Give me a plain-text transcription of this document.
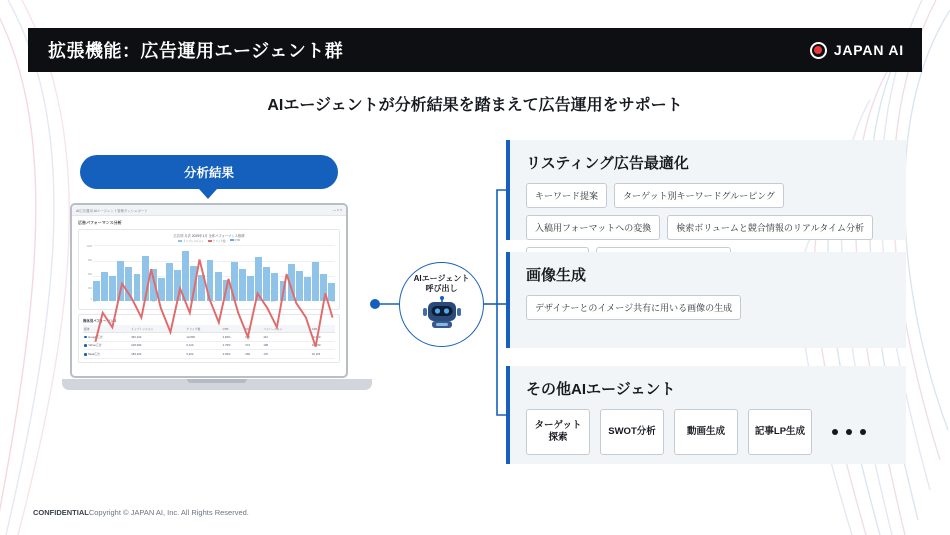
拡張機能：広告運用エージェント群	JAPAN AI
AIエージェントが分析結果を踏まえて広告運用をサポート
分析結果
AI広告運用 AIエージェント管理ダッシュボード	— □ ×
広告パフォーマンス分析
広告別 月次 2025年1月 全体パフォーマンス推移
インプレッション	クリック数	CTR
1200
900
600
300
0
1/1	1/8	1/15	1/22	1/31
媒体別パフォーマンス
媒体	インプレッション	クリック数	CTR	CPC	コンバージョン	CPA
Google広告	452,310	12,845	2.84%	¥86	412	¥2,680
Yahoo広告	218,940	6,120	2.79%	¥74	198	¥2,290
Meta広告	184,220	5,402	2.93%	¥69	176	¥2,115
AIエージェント
呼び出し
リスティング広告最適化
キーワード提案	ターゲット別キーワードグルーピング
入稿用フォーマットへの変換	検索ボリュームと競合情報のリアルタイム分析
画像生成
デザイナーとのイメージ共有に用いる画像の生成
その他AIエージェント
ターゲット
探索
SWOT分析	動画生成	記事LP生成
CONFIDENTIALCopyright © JAPAN AI, Inc. All Rights Reserved.
